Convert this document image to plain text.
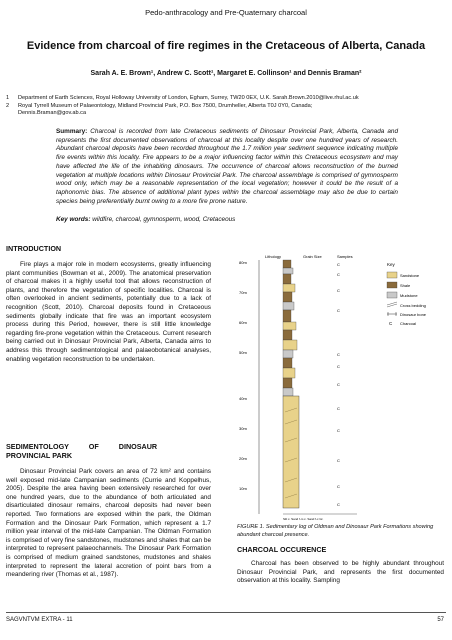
Pedo-anthracology and Pre-Quaternary charcoal
Evidence from charcoal of fire regimes in the Cretaceous of Alberta, Canada
Sarah A. E. Brown¹, Andrew C. Scott¹, Margaret E. Collinson¹ and Dennis Braman²
1 Department of Earth Sciences, Royal Holloway University of London, Egham, Surrey, TW20 0EX, U.K. Sarah.Brown.2010@live.rhul.ac.uk
2 Royal Tyrrell Museum of Palaeontology, Midland Provincial Park, P.O. Box 7500, Drumheller, Alberta T0J 0Y0, Canada;
Dennis.Braman@gov.ab.ca
Summary: Charcoal is recorded from late Cretaceous sediments of Dinosaur Provincial Park, Alberta, Canada and represents the first documented observations of charcoal at this locality despite over one hundred years of research. Abundant charcoal deposits have been recorded throughout the 1.7 million year sediment sequence indicating multiple fire events within this locality. Fire appears to be a major influencing factor within this Cretaceous ecosystem and may have affected the life of the inhabiting dinosaurs. The occurrence of charcoal allows reconstruction of the burned vegetation at multiple locations within Dinosaur Provincial Park. The charcoal assemblage is comprised of gymnosperm wood only, which may be a reasonable representation of the local vegetation; however it could be the result of a taphonomic bias. The absence of additional plant types within the charcoal assemblage may also be due to certain species being preferentially burnt owing to a more fire prone nature.
Key words: wildfire, charcoal, gymnosperm, wood, Cretaceous
INTRODUCTION

Fire plays a major role in modern ecosystems, greatly influencing plant communities (Bowman et al., 2009). The anatomical preservation of charcoal makes it a highly useful tool that allows reconstruction of plants, and therefore the vegetation of specific localities. Charcoal is often overlooked in ancient sediments, potentially due to a lack of recognition (Scott, 2010). Charcoal deposits found in Cretaceous sediments globally indicate that fire was an important ecosystem process during this Period, however, there is still little knowledge regarding fire-prone vegetation within the Cretaceous. Current research being carried out in Dinosaur Provincial Park, Alberta, Canada aims to address this through sedimentological and palaeobotanical analyses, enabling vegetation reconstruction to be undertaken.

SEDIMENTOLOGY          OF          DINOSAUR
PROVINCIAL PARK

Dinosaur Provincial Park covers an area of 72 km² and contains well exposed mid-late Campanian sediments (Currie and Koppelhus, 2005). Despite the area having been extensively researched for over one hundred years, due to the abundance of both articulated and disarticulated dinosaur remains, charcoal deposits had never been reported. Two formations are exposed within the park, the Oldman Formation and the Dinosaur Park Formation, which represent a 1.7 million year interval of the mid-late Campanian. The Oldman Formation is comprised of very fine sandstones, mudstones and shales that can be interpreted to represent palaeochannels. The Dinosaur Park Formation is comprised of medium grained sandstones, mudstones and shales interpreted to represent the lateral accretion of point bars from a meandering river (Thomas et al., 1987).

Lithology	Grain Size	Samples
80m
70m
60m
50m
40m
30m
20m
10m
C
C
C
C
C
C
C
C
C
C
C
C
Silt c. Sand f-m c. Sand f-c Gr.
Key
Sandstone
Shale
Mudstone
Cross bedding
Dinosaur bone
C Charcoal
FIGURE 1. Sedimentary log of Oldman and Dinosaur Park Formations showing abundant charcoal presence.
CHARCOAL OCCURENCE
Charcoal has been observed to be highly abundant throughout Dinosaur Provincial Park, and represents the first documented observation at this locality. Sampling
SAGVNTVM EXTRA - 11	57
